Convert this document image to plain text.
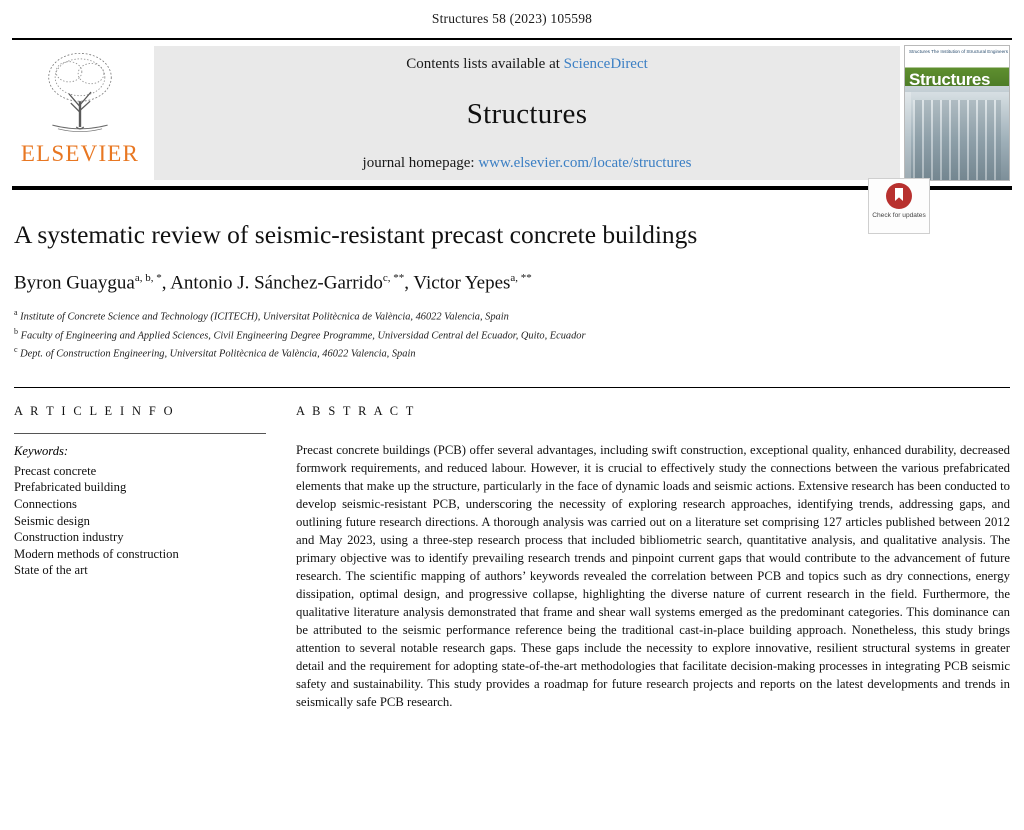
Structures 58 (2023) 105598
ELSEVIER
Contents lists available at ScienceDirect
Structures
journal homepage: www.elsevier.com/locate/structures
Structures The Institution of Structural Engineers
Structures
Check for updates
A systematic review of seismic-resistant precast concrete buildings
Byron Guaygua$^{a, b, *}$, Antonio J. Sánchez-Garrido$^{c, **}$, Victor Yepes$^{a, **}$
$^a$ Institute of Concrete Science and Technology (ICITECH), Universitat Politècnica de València, 46022 Valencia, Spain
$^b$ Faculty of Engineering and Applied Sciences, Civil Engineering Degree Programme, Universidad Central del Ecuador, Quito, Ecuador
$^c$ Dept. of Construction Engineering, Universitat Politècnica de València, 46022 Valencia, Spain
A R T I C L E I N F O
Keywords:
Precast concrete
Prefabricated building
Connections
Seismic design
Construction industry
Modern methods of construction
State of the art
A B S T R A C T
Precast concrete buildings (PCB) offer several advantages, including swift construction, exceptional quality, enhanced durability, decreased formwork requirements, and reduced labour. However, it is crucial to effectively study the connections between the various prefabricated elements that make up the structure, particularly in the face of dynamic loads and seismic actions. Extensive research has been conducted to develop seismic-resistant PCB, underscoring the necessity of exploring research approaches, identifying trends, addressing gaps, and outlining future research directions. A thorough analysis was carried out on a literature set comprising 127 articles published between 2012 and May 2023, using a three-step research process that included bibliometric search, quantitative analysis, and qualitative analysis. The primary objective was to identify prevailing research trends and pinpoint current gaps that would contribute to the advancement of future research. The scientific mapping of authors’ keywords revealed the correlation between PCB and topics such as dry connections, energy dissipation, optimal design, and progressive collapse, highlighting the diverse nature of current research in the field. Furthermore, the qualitative literature analysis demonstrated that frame and shear wall systems emerged as the predominant categories. This dominance can be attributed to the seismic performance reference being the traditional cast-in-place building approach. Nonetheless, this study brings attention to several notable research gaps. These gaps include the necessity to explore innovative, resilient structural systems in greater detail and the requirement for adopting state-of-the-art methodologies that facilitate decision-making processes in integrating PCB seismic safety and sustainability. This study provides a roadmap for future research projects and reports on the latest developments and trends in seismically safe PCB research.
